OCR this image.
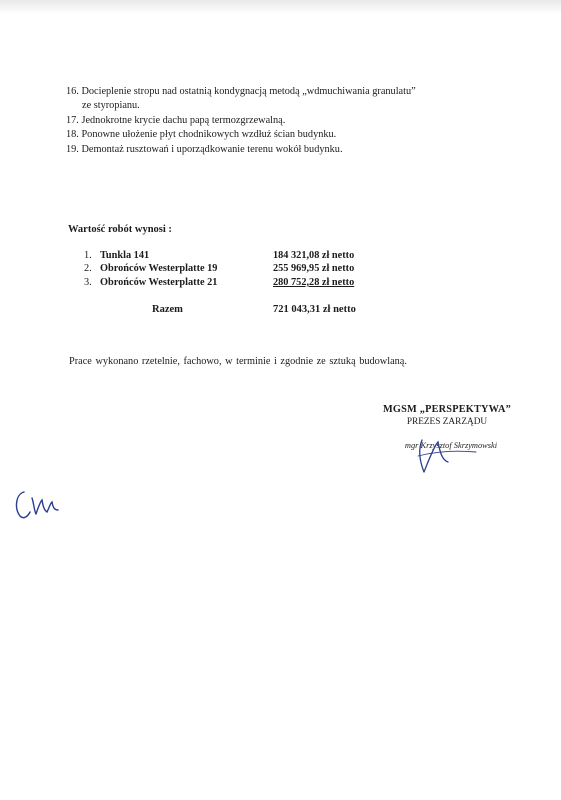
16. Docieplenie stropu nad ostatnią kondygnacją metodą „wdmuchiwania granulatu”
ze styropianu.
17. Jednokrotne krycie dachu papą termozgrzewalną.
18. Ponowne ułożenie płyt chodnikowych wzdłuż ścian budynku.
19. Demontaż rusztowań i uporządkowanie terenu wokół budynku.
Wartość robót wynosi :
1. Tunkla 141	184 321,08 zł netto
2. Obrońców Westerplatte 19	255 969,95 zł netto
3. Obrońców Westerplatte 21	280 752,28 zł netto
Razem	721 043,31 zł netto
Prace wykonano rzetelnie, fachowo, w terminie i zgodnie ze sztuką budowlaną.
MGSM „PERSPEKTYWA”
PREZES ZARZĄDU
mgr Krzysztof Skrzymowski
